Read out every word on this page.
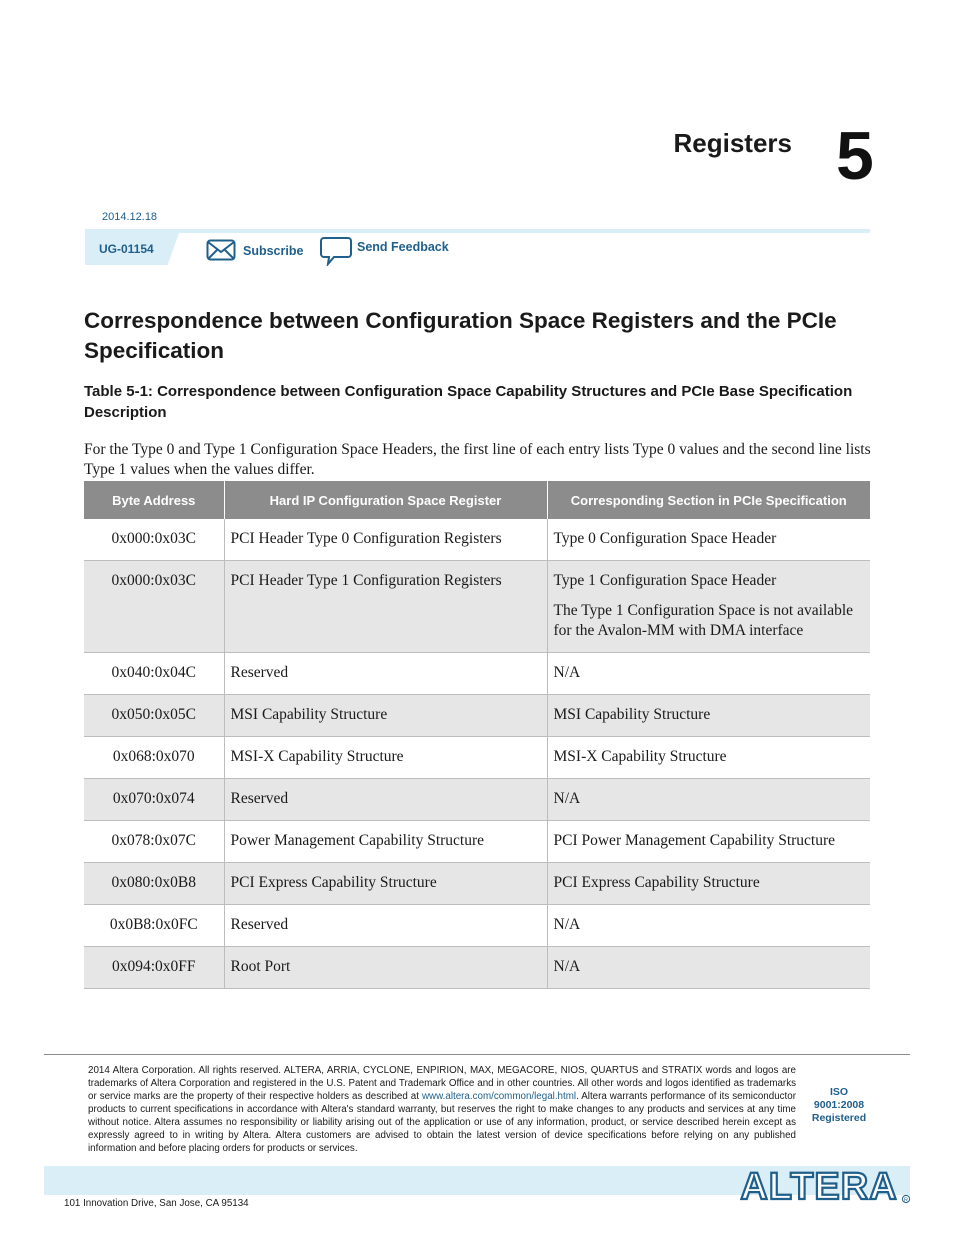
Registers 5
2014.12.18
UG-01154	Subscribe	Send Feedback
Correspondence between Configuration Space Registers and the PCIe Specification
Table 5-1: Correspondence between Configuration Space Capability Structures and PCIe Base Specification Description
For the Type 0 and Type 1 Configuration Space Headers, the first line of each entry lists Type 0 values and the second line lists Type 1 values when the values differ.
Byte Address	Hard IP Configuration Space Register	Corresponding Section in PCIe Specification
0x000:0x03C	PCI Header Type 0 Configuration Registers	Type 0 Configuration Space Header
0x000:0x03C	PCI Header Type 1 Configuration Registers	Type 1 Configuration Space Header
The Type 1 Configuration Space is not available for the Avalon-MM with DMA interface

0x040:0x04C	Reserved	N/A
0x050:0x05C	MSI Capability Structure	MSI Capability Structure
0x068:0x070	MSI-X Capability Structure	MSI-X Capability Structure
0x070:0x074	Reserved	N/A
0x078:0x07C	Power Management Capability Structure	PCI Power Management Capability Structure
0x080:0x0B8	PCI Express Capability Structure	PCI Express Capability Structure
0x0B8:0x0FC	Reserved	N/A
0x094:0x0FF	Root Port	N/A
2014 Altera Corporation. All rights reserved. ALTERA, ARRIA, CYCLONE, ENPIRION, MAX, MEGACORE, NIOS, QUARTUS and STRATIX words and logos are trademarks of Altera Corporation and registered in the U.S. Patent and Trademark Office and in other countries. All other words and logos identified as trademarks or service marks are the property of their respective holders as described at www.altera.com/common/legal.html. Altera warrants performance of its semiconductor products to current specifications in accordance with Altera's standard warranty, but reserves the right to make changes to any products and services at any time without notice. Altera assumes no responsibility or liability arising out of the application or use of any information, product, or service described herein except as expressly agreed to in writing by Altera. Altera customers are advised to obtain the latest version of device specifications before relying on any published information and before placing orders for products or services.
ISO
9001:2008
Registered
ALTERA R
101 Innovation Drive, San Jose, CA 95134
